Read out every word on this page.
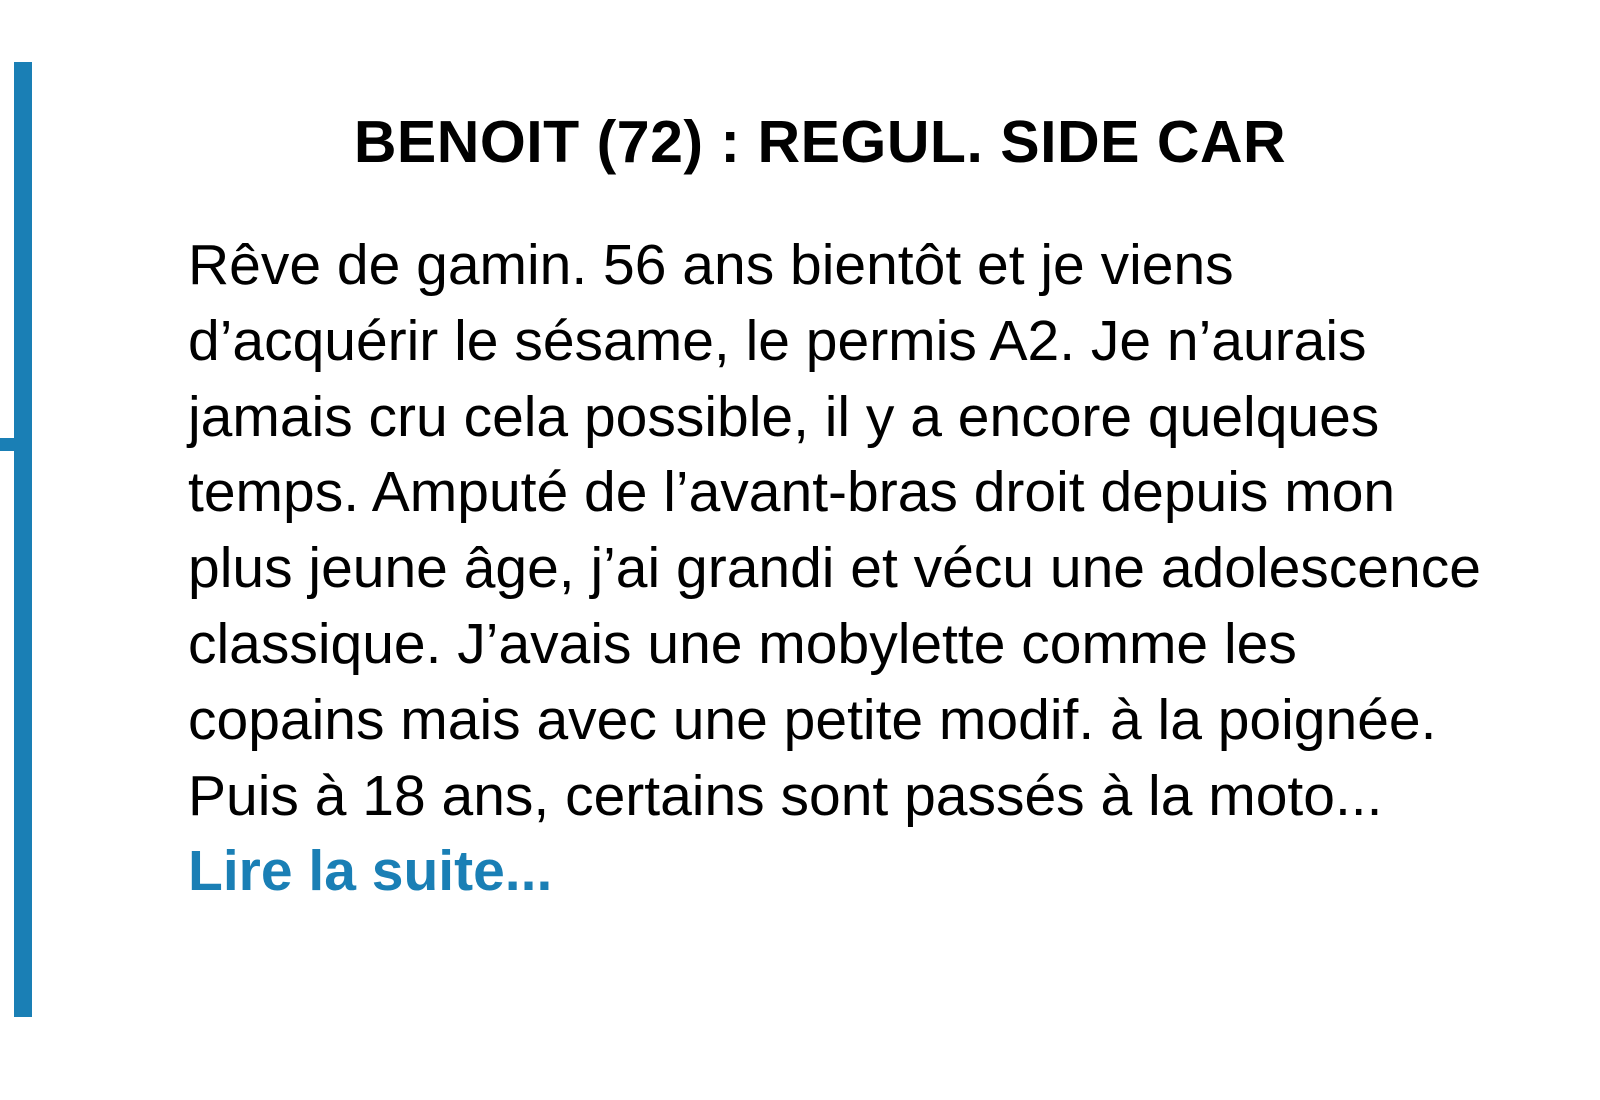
BENOIT (72) : REGUL. SIDE CAR
Rêve de gamin. 56 ans bientôt et je viens d’acquérir le sésame, le permis A2. Je n’aurais jamais cru cela possible, il y a encore quelques temps. Amputé de l’avant-bras droit depuis mon plus jeune âge, j’ai grandi et vécu une adolescence classique. J’avais une mobylette comme les copains mais avec une petite modif. à la poignée. Puis à 18 ans, certains sont passés à la moto... Lire la suite...
